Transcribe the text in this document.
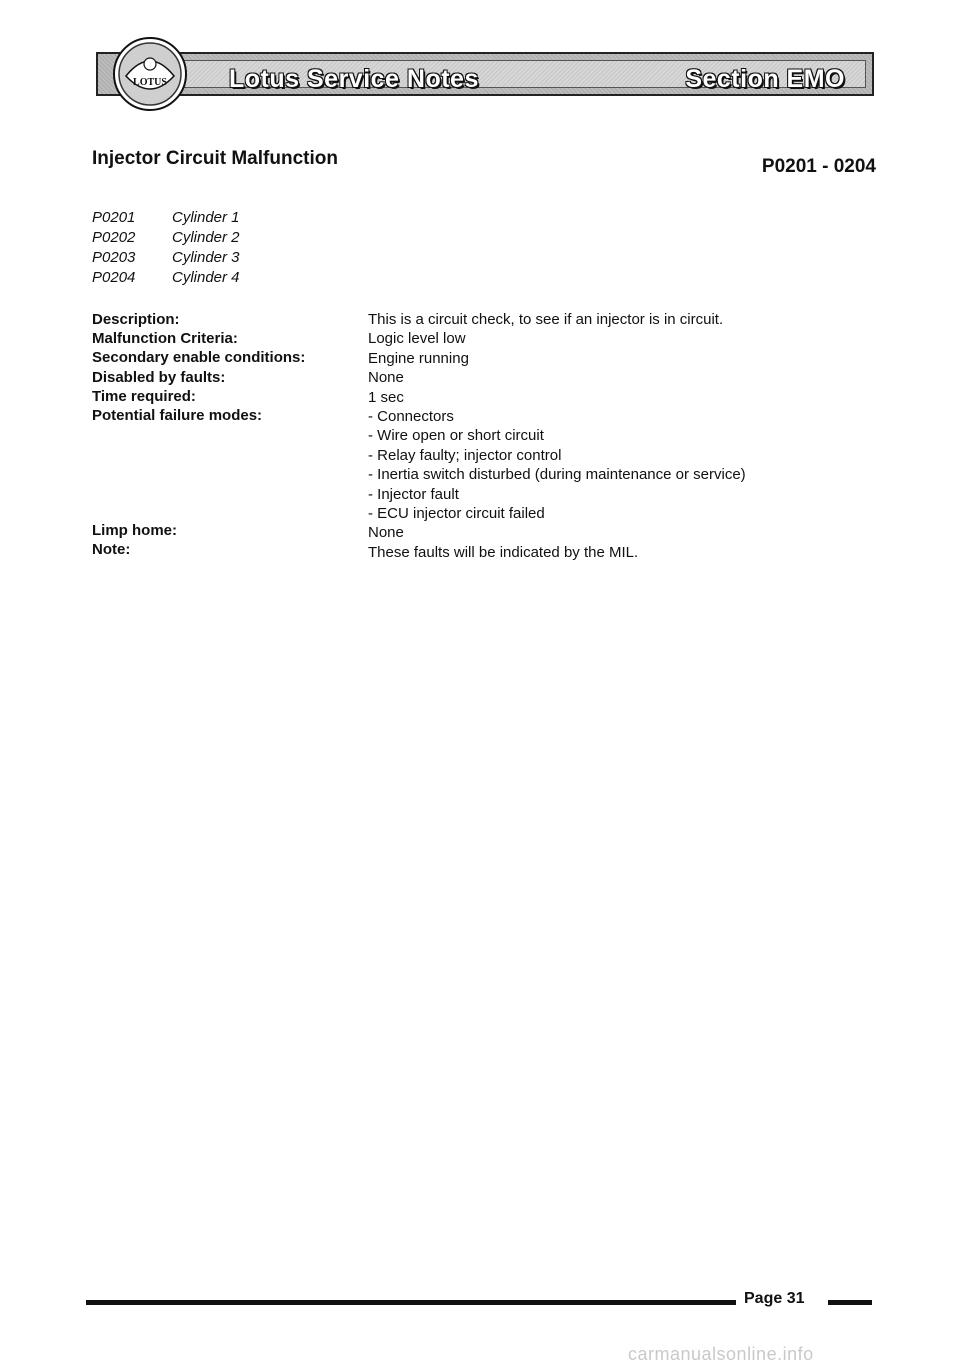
Lotus Service Notes	Section EMO
LOTUS
Injector Circuit Malfunction	P0201 - 0204
P0201 Cylinder 1
P0202 Cylinder 2
P0203 Cylinder 3
P0204 Cylinder 4
Description:
Malfunction Criteria:
Secondary enable conditions:
Disabled by faults:
Time required:
Potential failure modes:
Limp home:
Note:
This is a circuit check, to see if an injector is in circuit.
Logic level low
Engine running
None
1 sec
- Connectors
- Wire open or short circuit
- Relay faulty; injector control
- Inertia switch disturbed (during maintenance or service)
- Injector fault
- ECU injector circuit failed
None
These faults will be indicated by the MIL.
Page 31
carmanualsonline.info
